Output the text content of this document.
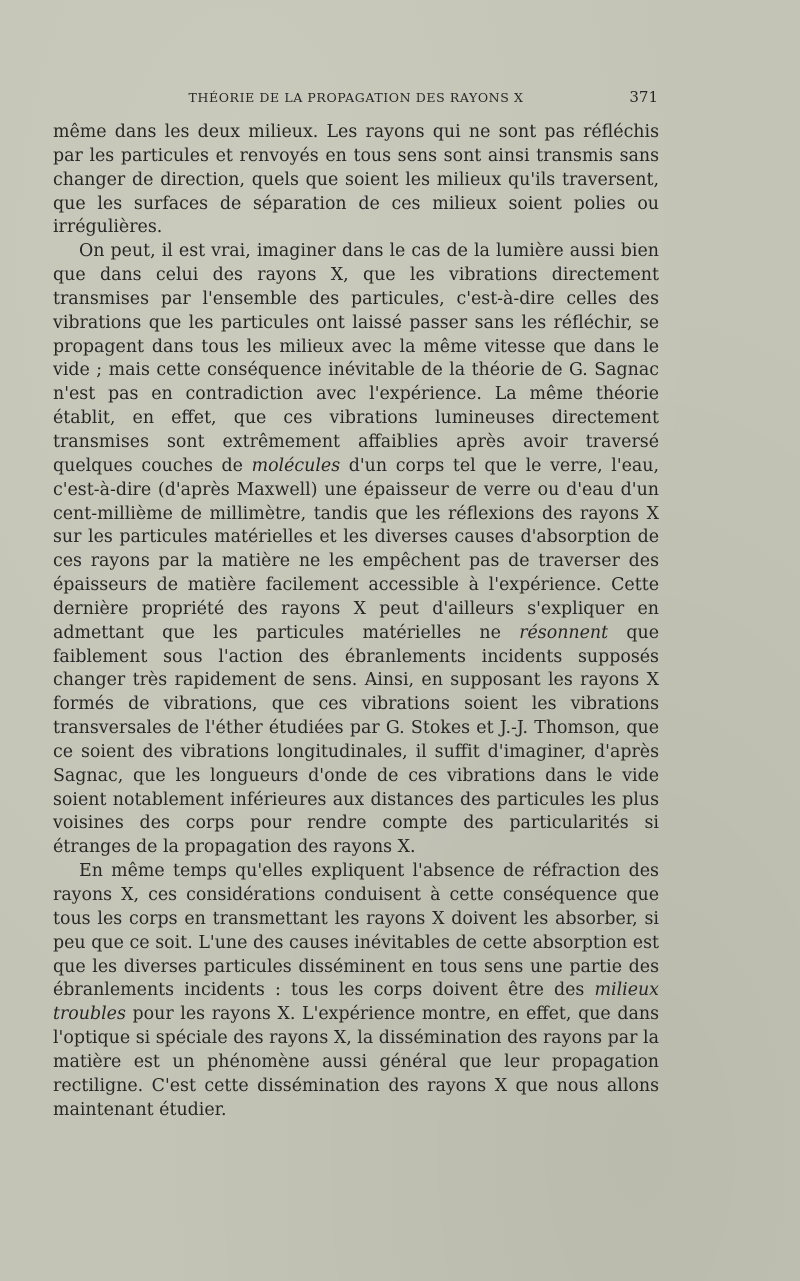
THÉORIE DE LA PROPAGATION DES RAYONS X	371

même dans les deux milieux. Les rayons qui ne sont pas réfléchis par les particules et renvoyés en tous sens sont ainsi transmis sans changer de direction, quels que soient les milieux qu'ils traversent, que les surfaces de séparation de ces milieux soient polies ou irrégulières.

On peut, il est vrai, imaginer dans le cas de la lumière aussi bien que dans celui des rayons X, que les vibrations directement transmises par l'ensemble des particules, c'est-à-dire celles des vibrations que les particules ont laissé passer sans les réfléchir, se propagent dans tous les milieux avec la même vitesse que dans le vide ; mais cette conséquence inévitable de la théorie de G. Sagnac n'est pas en contradiction avec l'expérience. La même théorie établit, en effet, que ces vibrations lumineuses directement transmises sont extrêmement affaiblies après avoir traversé quelques couches de molécules d'un corps tel que le verre, l'eau, c'est-à-dire (d'après Maxwell) une épaisseur de verre ou d'eau d'un cent-millième de millimètre, tandis que les réflexions des rayons X sur les particules matérielles et les diverses causes d'absorption de ces rayons par la matière ne les empêchent pas de traverser des épaisseurs de matière facilement accessible à l'expérience. Cette dernière propriété des rayons X peut d'ailleurs s'expliquer en admettant que les particules matérielles ne résonnent que faiblement sous l'action des ébranlements incidents supposés changer très rapidement de sens. Ainsi, en supposant les rayons X formés de vibrations, que ces vibrations soient les vibrations transversales de l'éther étudiées par G. Stokes et J.-J. Thomson, que ce soient des vibrations longitudinales, il suffit d'imaginer, d'après Sagnac, que les longueurs d'onde de ces vibrations dans le vide soient notablement inférieures aux distances des particules les plus voisines des corps pour rendre compte des particularités si étranges de la propagation des rayons X.

En même temps qu'elles expliquent l'absence de réfraction des rayons X, ces considérations conduisent à cette conséquence que tous les corps en transmettant les rayons X doivent les absorber, si peu que ce soit. L'une des causes inévitables de cette absorption est que les diverses particules disséminent en tous sens une partie des ébranlements incidents : tous les corps doivent être des milieux troubles pour les rayons X. L'expérience montre, en effet, que dans l'optique si spéciale des rayons X, la dissémination des rayons par la matière est un phénomène aussi général que leur propagation rectiligne. C'est cette dissémination des rayons X que nous allons maintenant étudier.
